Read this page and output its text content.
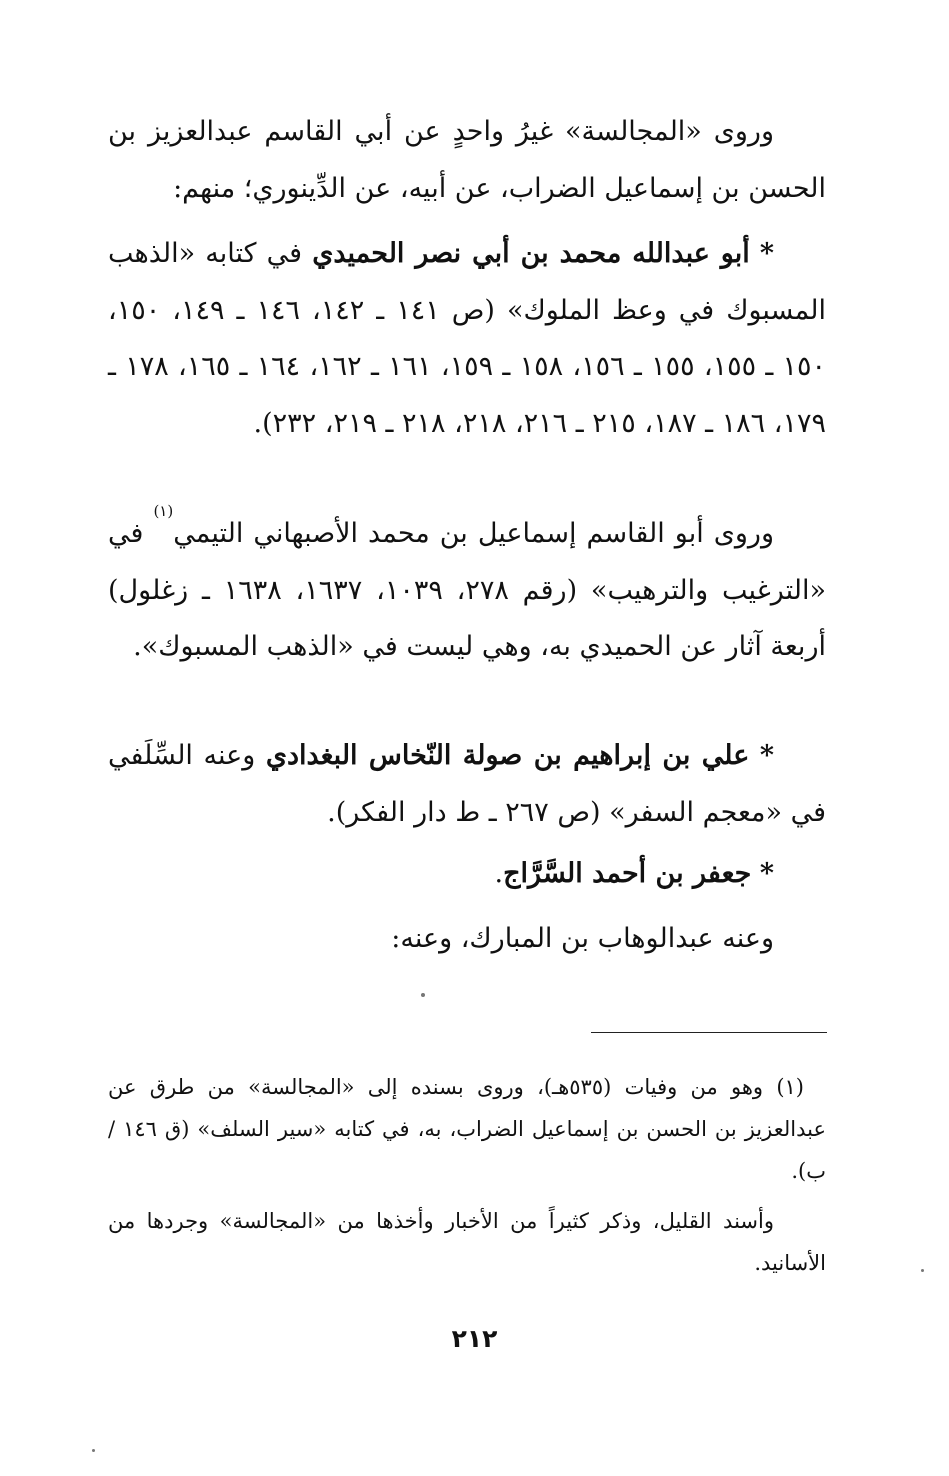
وروى «المجالسة» غيرُ واحدٍ عن أبي القاسم عبدالعزيز بن الحسن بن إسماعيل الضراب، عن أبيه، عن الدِّينوري؛ منهم:

* أبو عبدالله محمد بن أبي نصر الحميدي في كتابه «الذهب المسبوك في وعظ الملوك» (ص ١٤١ ـ ١٤٢، ١٤٦ ـ ١٤٩، ١٥٠، ١٥٠ ـ ١٥٥، ١٥٥ ـ ١٥٦، ١٥٨ ـ ١٥٩، ١٦١ ـ ١٦٢، ١٦٤ ـ ١٦٥، ١٧٨ ـ ١٧٩، ١٨٦ ـ ١٨٧، ٢١٥ ـ ٢١٦، ٢١٨، ٢١٨ ـ ٢١٩، ٢٣٢).

وروى أبو القاسم إسماعيل بن محمد الأصبهاني التيمي$^{(١)}$ في «الترغيب والترهيب» (رقم ٢٧٨، ١٠٣٩، ١٦٣٧، ١٦٣٨ ـ زغلول) أربعة آثار عن الحميدي به، وهي ليست في «الذهب المسبوك».

* علي بن إبراهيم بن صولة النّخاس البغدادي وعنه السِّلَفي في «معجم السفر» (ص ٢٦٧ ـ ط دار الفكر).

* جعفر بن أحمد السَّرَّاج.

وعنه عبدالوهاب بن المبارك، وعنه:

(١) وهو من وفيات (٥٣٥هـ)، وروى بسنده إلى «المجالسة» من طرق عن عبدالعزيز بن الحسن بن إسماعيل الضراب، به، في كتابه «سير السلف» (ق ١٤٦ / ب).

وأسند القليل، وذكر كثيراً من الأخبار وأخذها من «المجالسة» وجردها من الأسانيد.

٢١٢
